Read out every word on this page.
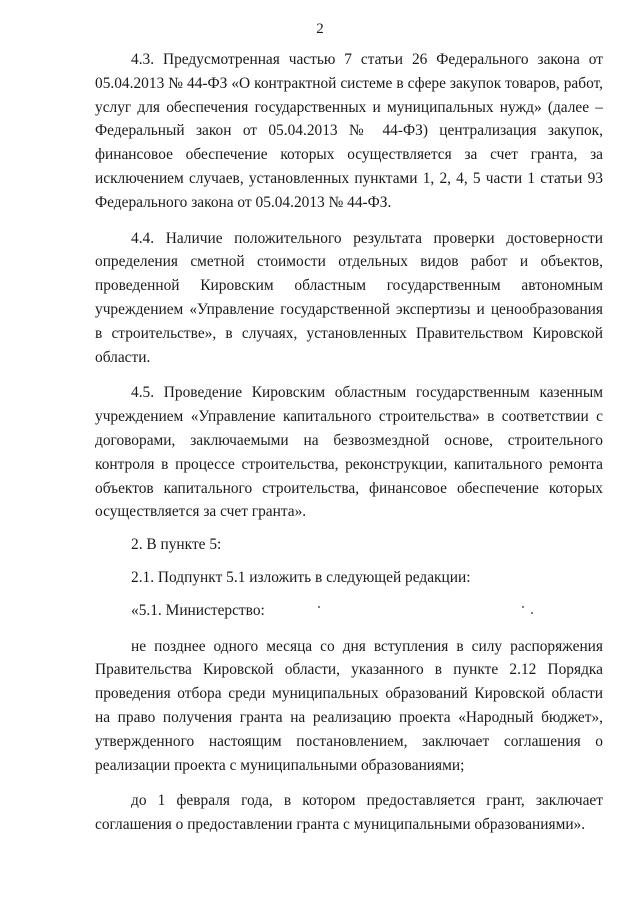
2

4.3. Предусмотренная частью 7 статьи 26 Федерального закона от 05.04.2013 № 44-ФЗ «О контрактной системе в сфере закупок товаров, работ, услуг для обеспечения государственных и муниципальных нужд» (далее – Федеральный закон от 05.04.2013 № 44-ФЗ) централизация закупок, финансовое обеспечение которых осуществляется за счет гранта, за исключением случаев, установленных пунктами 1, 2, 4, 5 части 1 статьи 93 Федерального закона от 05.04.2013 № 44-ФЗ.

4.4. Наличие положительного результата проверки достоверности определения сметной стоимости отдельных видов работ и объектов, проведенной Кировским областным государственным автономным учреждением «Управление государственной экспертизы и ценообразования в строительстве», в случаях, установленных Правительством Кировской области.

4.5. Проведение Кировским областным государственным казенным учреждением «Управление капитального строительства» в соответствии с договорами, заключаемыми на безвозмездной основе, строительного контроля в процессе строительства, реконструкции, капитального ремонта объектов капитального строительства, финансовое обеспечение которых осуществляется за счет гранта».

2. В пункте 5:

2.1. Подпункт 5.1 изложить в следующей редакции:

«5.1. Министерство:

не позднее одного месяца со дня вступления в силу распоряжения Правительства Кировской области, указанного в пункте 2.12 Порядка проведения отбора среди муниципальных образований Кировской области на право получения гранта на реализацию проекта «Народный бюджет», утвержденного настоящим постановлением, заключает соглашения о реализации проекта с муниципальными образованиями;

до 1 февраля года, в котором предоставляется грант, заключает соглашения о предоставлении гранта с муниципальными образованиями».
